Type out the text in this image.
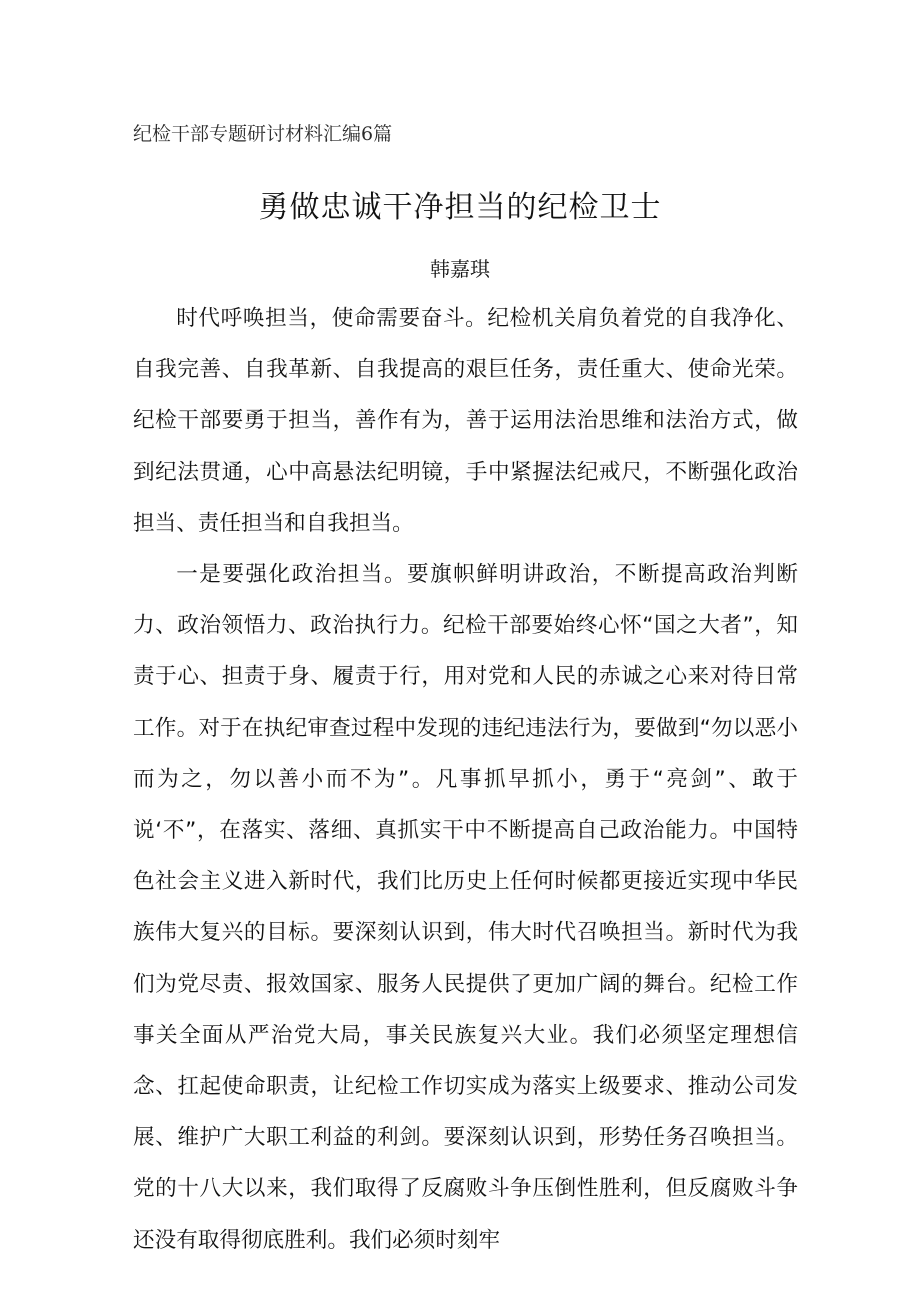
纪检干部专题研讨材料汇编6篇
勇做忠诚干净担当的纪检卫士
韩嘉琪

时代呼唤担当，使命需要奋斗。纪检机关肩负着党的自我净化、自我完善、自我革新、自我提高的艰巨任务，责任重大、使命光荣。纪检干部要勇于担当，善作有为，善于运用法治思维和法治方式，做到纪法贯通，心中高悬法纪明镜，手中紧握法纪戒尺，不断强化政治担当、责任担当和自我担当。

一是要强化政治担当。要旗帜鲜明讲政治，不断提高政治判断力、政治领悟力、政治执行力。纪检干部要始终心怀“国之大者”，知责于心、担责于身、履责于行，用对党和人民的赤诚之心来对待日常工作。对于在执纪审查过程中发现的违纪违法行为，要做到“勿以恶小而为之，勿以善小而不为”。凡事抓早抓小，勇于“亮剑”、敢于说‘不”，在落实、落细、真抓实干中不断提高自己政治能力。中国特色社会主义进入新时代，我们比历史上任何时候都更接近实现中华民族伟大复兴的目标。要深刻认识到，伟大时代召唤担当。新时代为我们为党尽责、报效国家、服务人民提供了更加广阔的舞台。纪检工作事关全面从严治党大局，事关民族复兴大业。我们必须坚定理想信念、扛起使命职责，让纪检工作切实成为落实上级要求、推动公司发展、维护广大职工利益的利剑。要深刻认识到，形势任务召唤担当。党的十八大以来，我们取得了反腐败斗争压倒性胜利，但反腐败斗争还没有取得彻底胜利。我们必须时刻牢
